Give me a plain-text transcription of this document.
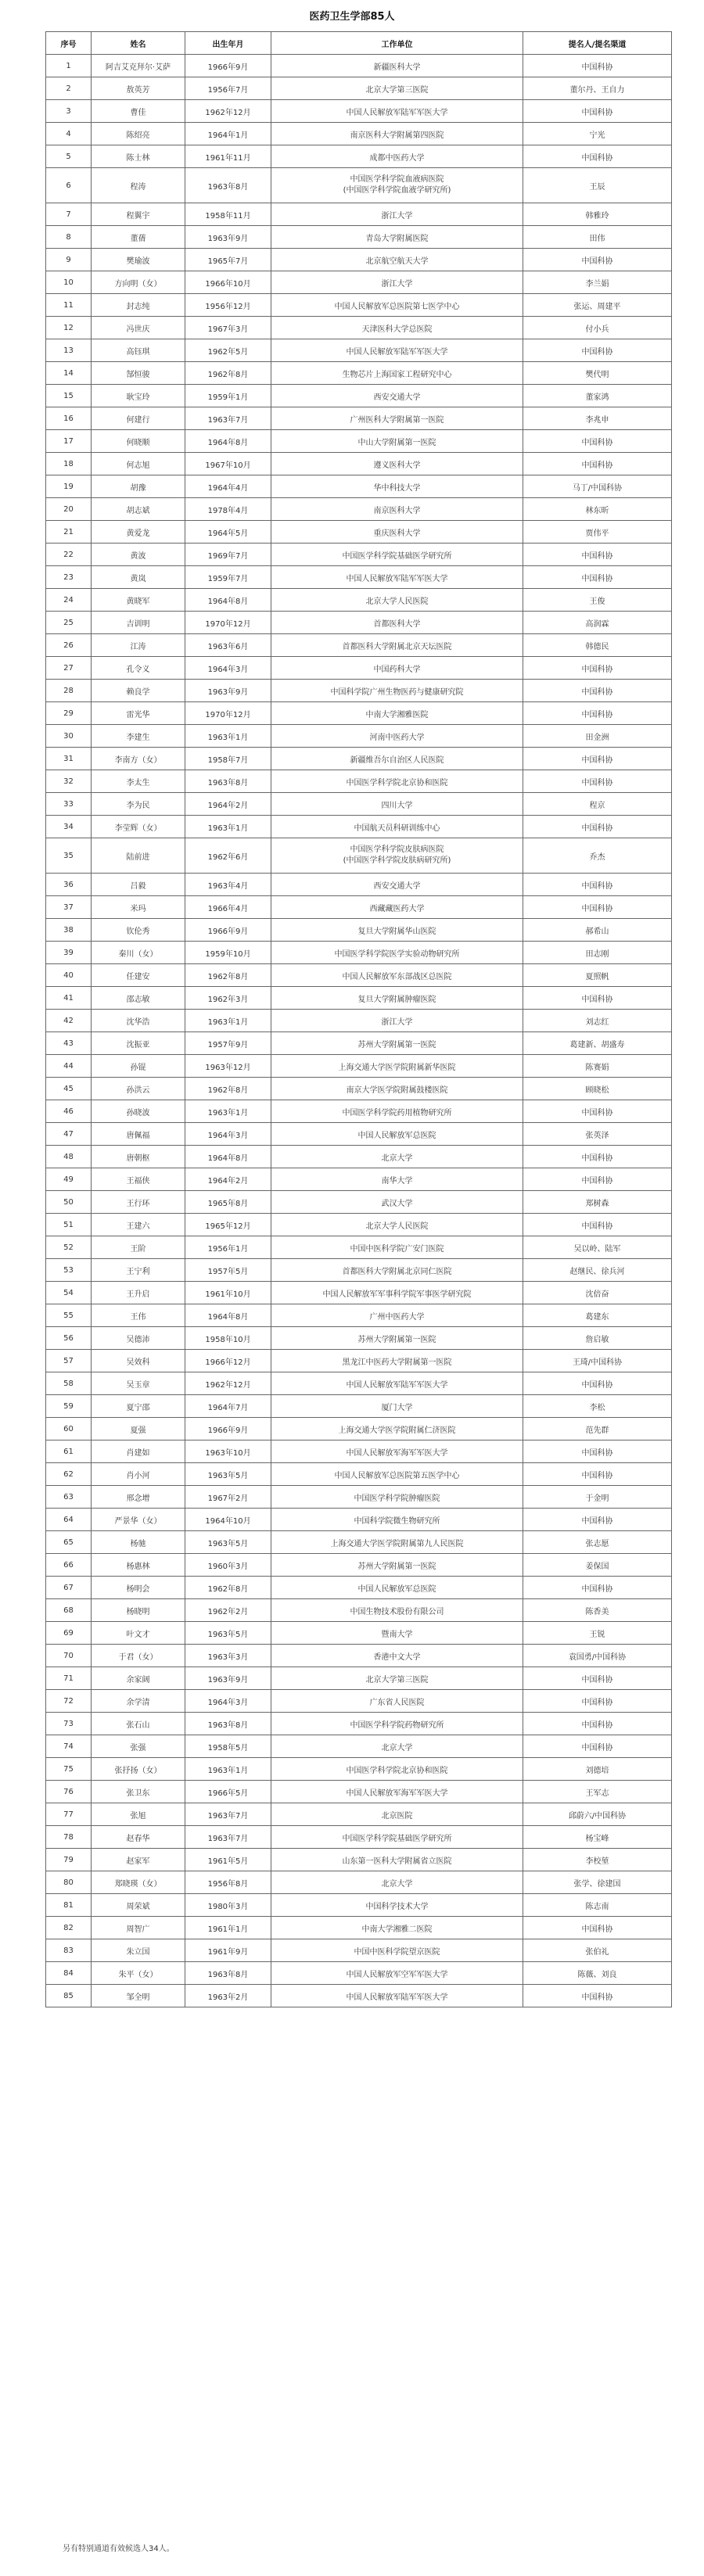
医药卫生学部85人
序号	姓名	出生年月	工作单位	提名人/提名渠道
1	阿吉艾克拜尔·艾萨	1966年9月	新疆医科大学	中国科协
2	敖英芳	1956年7月	北京大学第三医院	董尔丹、王自力
3	曹佳	1962年12月	中国人民解放军陆军军医大学	中国科协
4	陈绍亮	1964年1月	南京医科大学附属第四医院	宁光
5	陈士林	1961年11月	成都中医药大学	中国科协
6	程涛	1963年8月	中国医学科学院血液病医院
(中国医学科学院血液学研究所)	王辰
7	程翼宇	1958年11月	浙江大学	韩雅玲
8	董蒨	1963年9月	青岛大学附属医院	田伟
9	樊瑜波	1965年7月	北京航空航天大学	中国科协
10	方向明（女）	1966年10月	浙江大学	李兰娟
11	封志纯	1956年12月	中国人民解放军总医院第七医学中心	张运、周建平
12	冯世庆	1967年3月	天津医科大学总医院	付小兵
13	高钰琪	1962年5月	中国人民解放军陆军军医大学	中国科协
14	郜恒骏	1962年8月	生物芯片上海国家工程研究中心	樊代明
15	耿宝玲	1959年1月	西安交通大学	董家鸿
16	何建行	1963年7月	广州医科大学附属第一医院	李兆申
17	何晓顺	1964年8月	中山大学附属第一医院	中国科协
18	何志旭	1967年10月	遵义医科大学	中国科协
19	胡豫	1964年4月	华中科技大学	马丁/中国科协
20	胡志斌	1978年4月	南京医科大学	林东昕
21	黄爱龙	1964年5月	重庆医科大学	贾伟平
22	黄波	1969年7月	中国医学科学院基础医学研究所	中国科协
23	黄岚	1959年7月	中国人民解放军陆军军医大学	中国科协
24	黄晓军	1964年8月	北京大学人民医院	王俊
25	吉训明	1970年12月	首都医科大学	高润霖
26	江涛	1963年6月	首都医科大学附属北京天坛医院	韩德民
27	孔令义	1964年3月	中国药科大学	中国科协
28	赖良学	1963年9月	中国科学院广州生物医药与健康研究院	中国科协
29	雷光华	1970年12月	中南大学湘雅医院	中国科协
30	李建生	1963年1月	河南中医药大学	田金洲
31	李南方（女）	1958年7月	新疆维吾尔自治区人民医院	中国科协
32	李太生	1963年8月	中国医学科学院北京协和医院	中国科协
33	李为民	1964年2月	四川大学	程京
34	李莹辉（女）	1963年1月	中国航天员科研训练中心	中国科协
35	陆前进	1962年6月	中国医学科学院皮肤病医院
(中国医学科学院皮肤病研究所)	乔杰
36	吕毅	1963年4月	西安交通大学	中国科协
37	米玛	1966年4月	西藏藏医药大学	中国科协
38	钦伦秀	1966年9月	复旦大学附属华山医院	郝希山
39	秦川（女）	1959年10月	中国医学科学院医学实验动物研究所	田志刚
40	任建安	1962年8月	中国人民解放军东部战区总医院	夏照帆
41	邵志敏	1962年3月	复旦大学附属肿瘤医院	中国科协
42	沈华浩	1963年1月	浙江大学	刘志红
43	沈振亚	1957年9月	苏州大学附属第一医院	葛建新、胡盛寿
44	孙锟	1963年12月	上海交通大学医学院附属新华医院	陈赛娟
45	孙洪云	1962年8月	南京大学医学院附属鼓楼医院	顾晓松
46	孙晓波	1963年1月	中国医学科学院药用植物研究所	中国科协
47	唐佩福	1964年3月	中国人民解放军总医院	张英泽
48	唐朝枢	1964年8月	北京大学	中国科协
49	王福侠	1964年2月	南华大学	中国科协
50	王行环	1965年8月	武汉大学	郑树森
51	王建六	1965年12月	北京大学人民医院	中国科协
52	王阶	1956年1月	中国中医科学院广安门医院	吴以岭、陆军
53	王宁利	1957年5月	首都医科大学附属北京同仁医院	赵继民、徐兵河
54	王升启	1961年10月	中国人民解放军军事科学院军事医学研究院	沈倍奋
55	王伟	1964年8月	广州中医药大学	葛建东
56	吴德沛	1958年10月	苏州大学附属第一医院	詹启敏
57	吴效科	1966年12月	黑龙江中医药大学附属第一医院	王琦/中国科协
58	吴玉章	1962年12月	中国人民解放军陆军军医大学	中国科协
59	夏宁邵	1964年7月	厦门大学	李松
60	夏强	1966年9月	上海交通大学医学院附属仁济医院	范先群
61	肖建如	1963年10月	中国人民解放军海军军医大学	中国科协
62	肖小河	1963年5月	中国人民解放军总医院第五医学中心	中国科协
63	邢念增	1967年2月	中国医学科学院肿瘤医院	于金明
64	严景华（女）	1964年10月	中国科学院微生物研究所	中国科协
65	杨驰	1963年5月	上海交通大学医学院附属第九人民医院	张志愿
66	杨惠林	1960年3月	苏州大学附属第一医院	姜保国
67	杨明会	1962年8月	中国人民解放军总医院	中国科协
68	杨晓明	1962年2月	中国生物技术股份有限公司	陈香美
69	叶文才	1963年5月	暨南大学	王锐
70	于君（女）	1963年3月	香港中文大学	袁国勇/中国科协
71	余家阔	1963年9月	北京大学第三医院	中国科协
72	余学清	1964年3月	广东省人民医院	中国科协
73	张石山	1963年8月	中国医学科学院药物研究所	中国科协
74	张强	1958年5月	北京大学	中国科协
75	张抒扬（女）	1963年1月	中国医学科学院北京协和医院	刘德培
76	张卫东	1966年5月	中国人民解放军海军军医大学	王军志
77	张旭	1963年7月	北京医院	邱蔚六/中国科协
78	赵春华	1963年7月	中国医学科学院基础医学研究所	杨宝峰
79	赵家军	1961年5月	山东第一医科大学附属省立医院	李校堃
80	郑晓瑛（女）	1956年8月	北京大学	张学、徐建国
81	周荣斌	1980年3月	中国科学技术大学	陈志南
82	周智广	1961年1月	中南大学湘雅二医院	中国科协
83	朱立国	1961年9月	中国中医科学院望京医院	张伯礼
84	朱平（女）	1963年8月	中国人民解放军空军军医大学	陈薇、刘良
85	邹全明	1963年2月	中国人民解放军陆军军医大学	中国科协
另有特别通道有效候选人34人。
